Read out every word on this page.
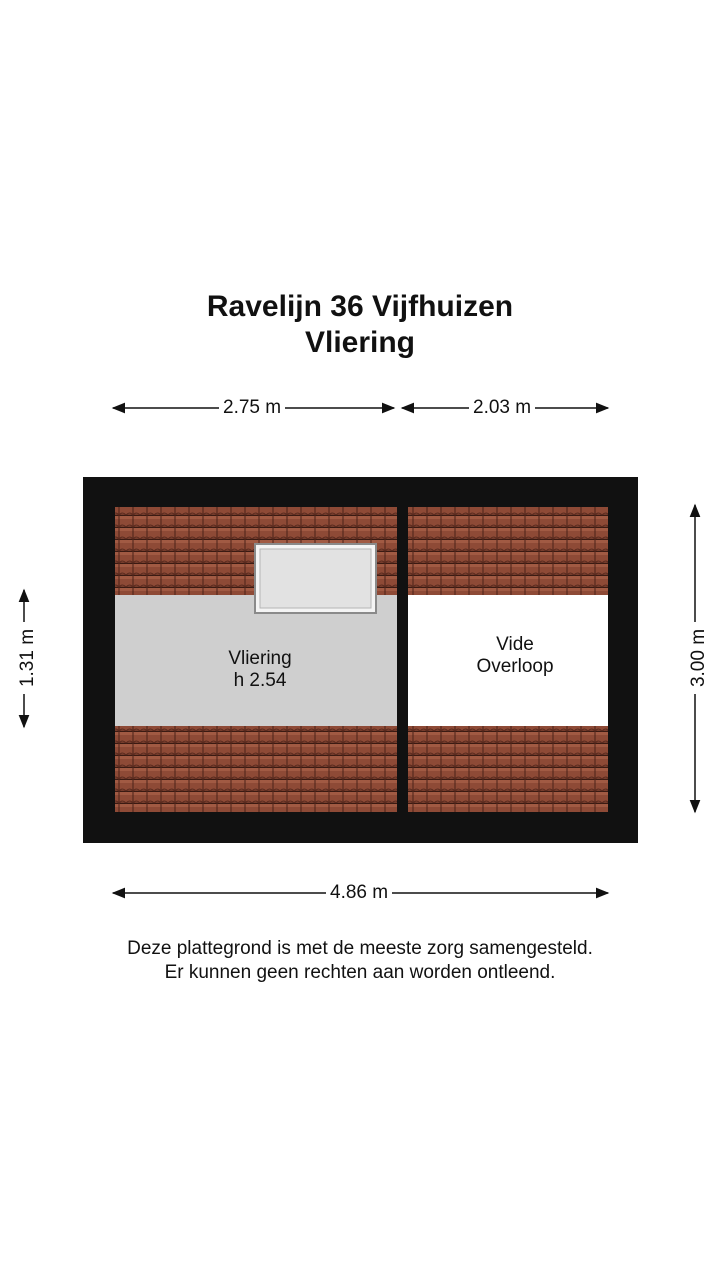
Ravelijn 36 Vijfhuizen
Vliering
2.75 m	2.03 m
4.86 m
1.31 m	3.00 m
Vliering
h 2.54
Vide
Overloop
Deze plattegrond is met de meeste zorg samengesteld.
Er kunnen geen rechten aan worden ontleend.
